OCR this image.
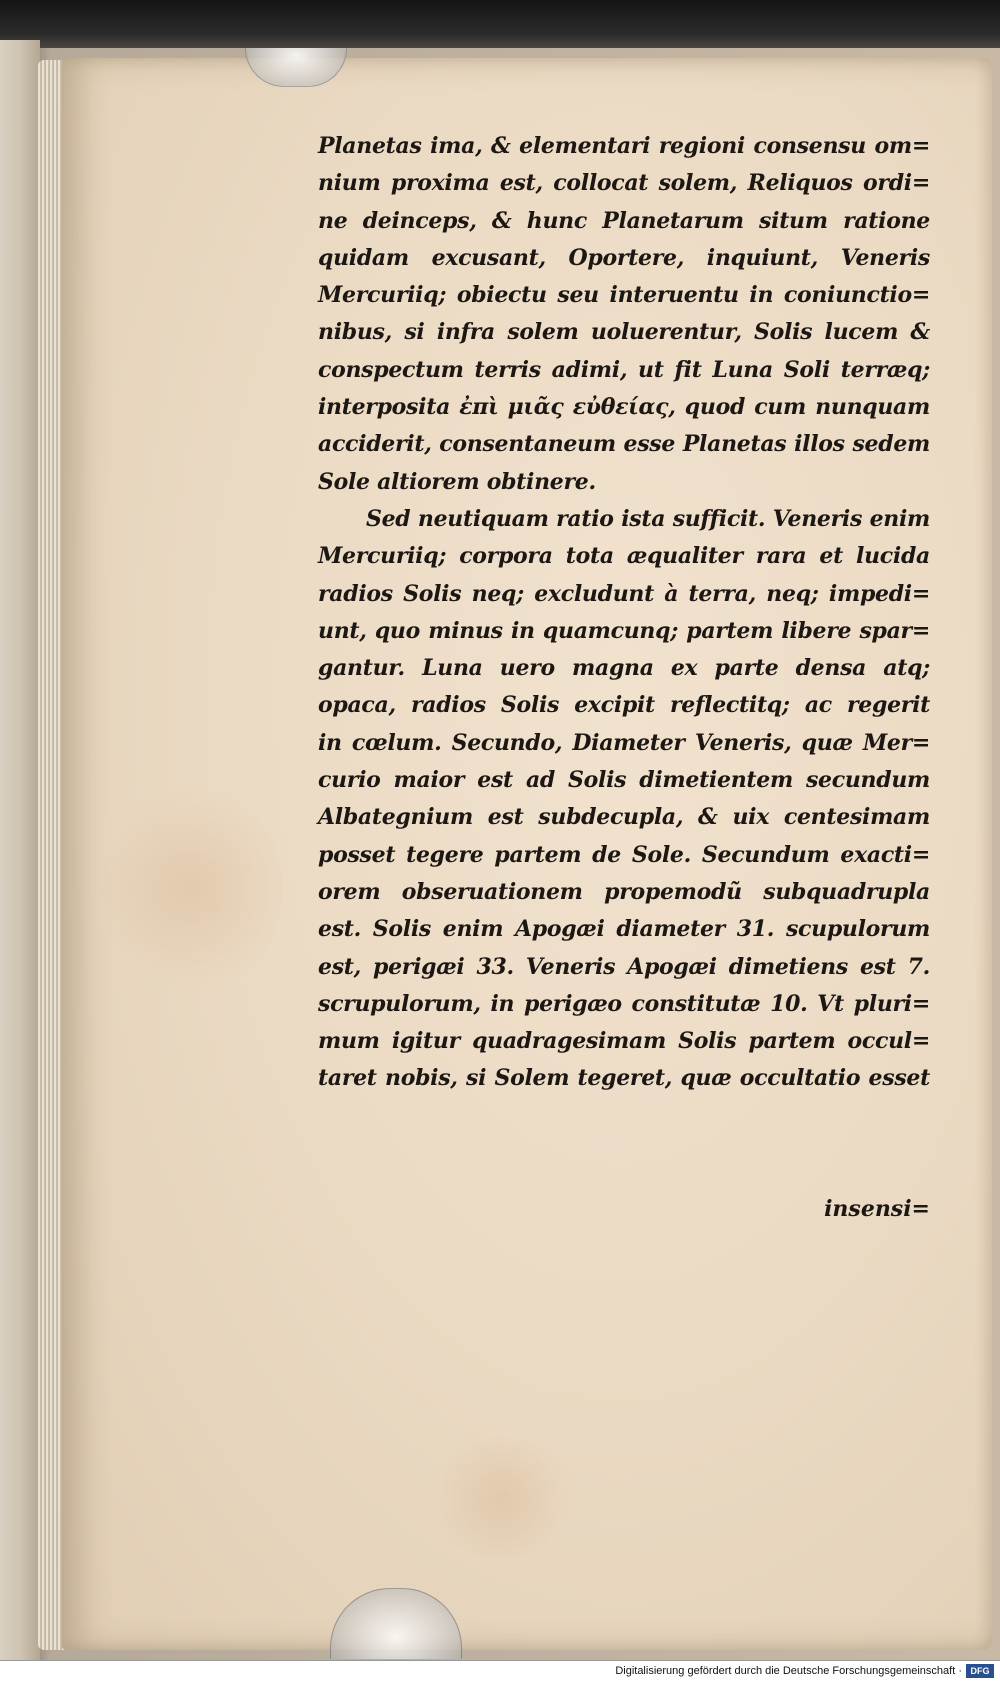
Planetas ima, & elementari regioni consensu om=
nium proxima est, collocat solem, Reliquos ordi=
ne deinceps, & hunc Planetarum situm ratione
quidam excusant, Oportere, inquiunt, Veneris
Mercuriiq; obiectu seu interuentu in coniunctio=
nibus, si infra solem uoluerentur, Solis lucem &
conspectum terris adimi, ut fit Luna Soli terræq;
interposita ἐπὶ μιᾶς εὐθείας, quod cum nunquam
acciderit, consentaneum esse Planetas illos sedem
Sole altiorem obtinere.
Sed neutiquam ratio ista sufficit. Veneris enim
Mercuriiq; corpora tota æqualiter rara et lucida
radios Solis neq; excludunt à terra, neq; impedi=
unt, quo minus in quamcunq; partem libere spar=
gantur. Luna uero magna ex parte densa atq;
opaca, radios Solis excipit reflectitq; ac regerit
in cœlum. Secundo, Diameter Veneris, quæ Mer=
curio maior est ad Solis dimetientem secundum
Albategnium est subdecupla, & uix centesimam
posset tegere partem de Sole. Secundum exacti=
orem obseruationem propemodũ subquadrupla
est. Solis enim Apogæi diameter 31. scupulorum
est, perigæi 33. Veneris Apogæi dimetiens est 7.
scrupulorum, in perigæo constitutæ 10. Vt pluri=
mum igitur quadragesimam Solis partem occul=
taret nobis, si Solem tegeret, quæ occultatio esset
insensi=
Digitalisierung gefördert durch die Deutsche Forschungsgemeinschaft · DFG
